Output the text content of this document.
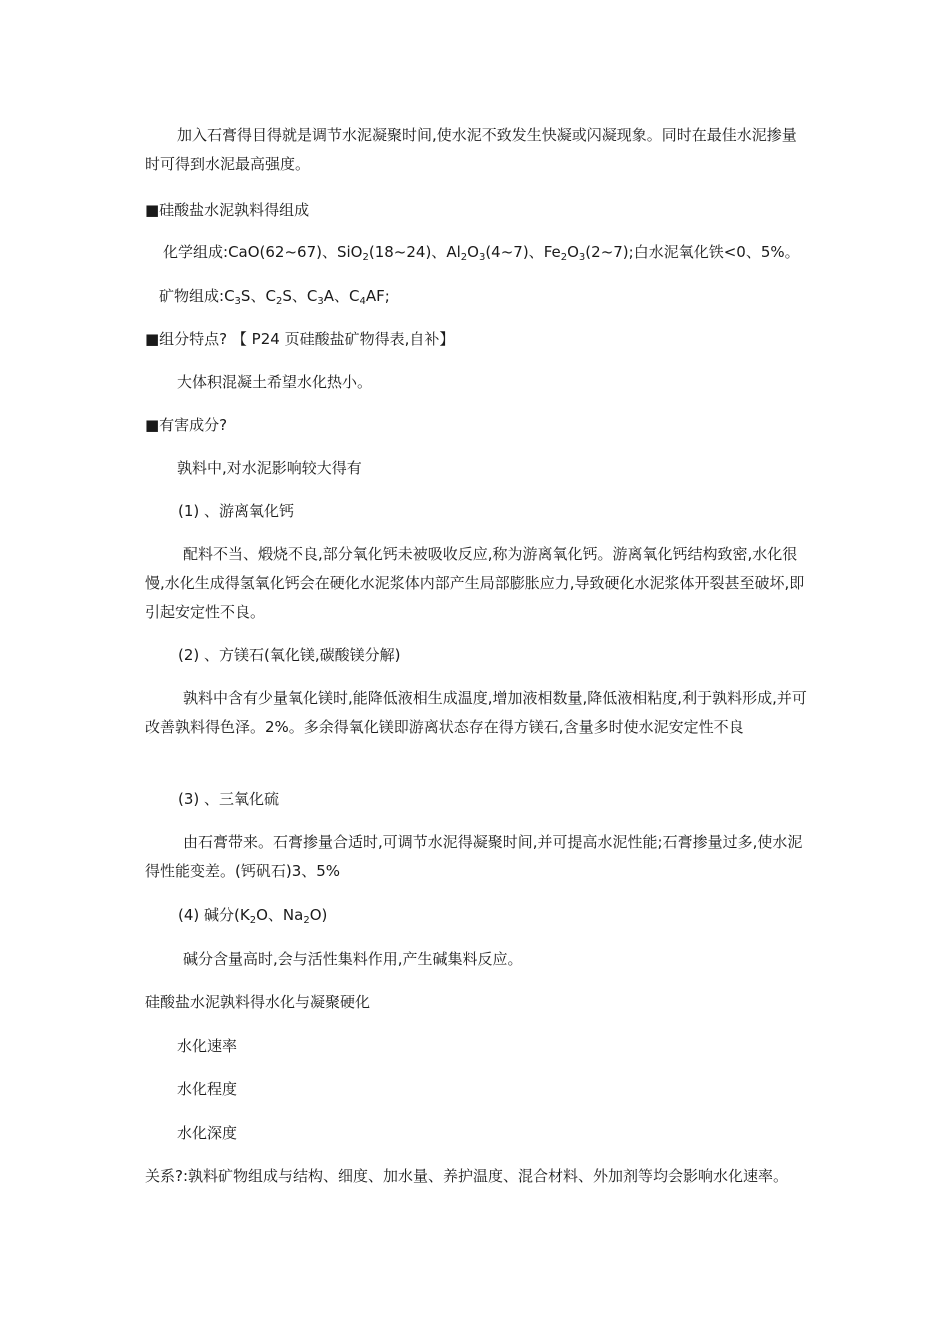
加入石膏得目得就是调节水泥凝聚时间,使水泥不致发生快凝或闪凝现象。同时在最佳水泥掺量时可得到水泥最高强度。

■硅酸盐水泥孰料得组成

化学组成:CaO(62~67)、SiO$_2$(18~24)、$Al_2O_3(4\sim 7)$、$Fe_2O_3(2\sim 7)$;白水泥氧化铁<0、5%。

矿物组成$:C_3S$、$C_2S$、$C_3A$、$C_4AF$;

■组分特点? 【 P24 页硅酸盐矿物得表,自补】

大体积混凝土希望水化热小。

■有害成分?

孰料中,对水泥影响较大得有

(1) 、游离氧化钙

配料不当、煅烧不良,部分氧化钙未被吸收反应,称为游离氧化钙。游离氧化钙结构致密,水化很慢,水化生成得氢氧化钙会在硬化水泥浆体内部产生局部膨胀应力,导致硬化水泥浆体开裂甚至破坏,即引起安定性不良。

(2) 、方镁石(氧化镁,碳酸镁分解)

孰料中含有少量氧化镁时,能降低液相生成温度,增加液相数量,降低液相粘度,利于孰料形成,并可改善孰料得色泽。2%。多余得氧化镁即游离状态存在得方镁石,含量多时使水泥安定性不良

(3) 、三氧化硫

由石膏带来。石膏掺量合适时,可调节水泥得凝聚时间,并可提高水泥性能;石膏掺量过多,使水泥得性能变差。(钙矾石)3、5%

(4) 碱分($K_2O$、$Na_2O$)

碱分含量高时,会与活性集料作用,产生碱集料反应。

硅酸盐水泥孰料得水化与凝聚硬化

水化速率

水化程度

水化深度

关系?:孰料矿物组成与结构、细度、加水量、养护温度、混合材料、外加剂等均会影响水化速率。
